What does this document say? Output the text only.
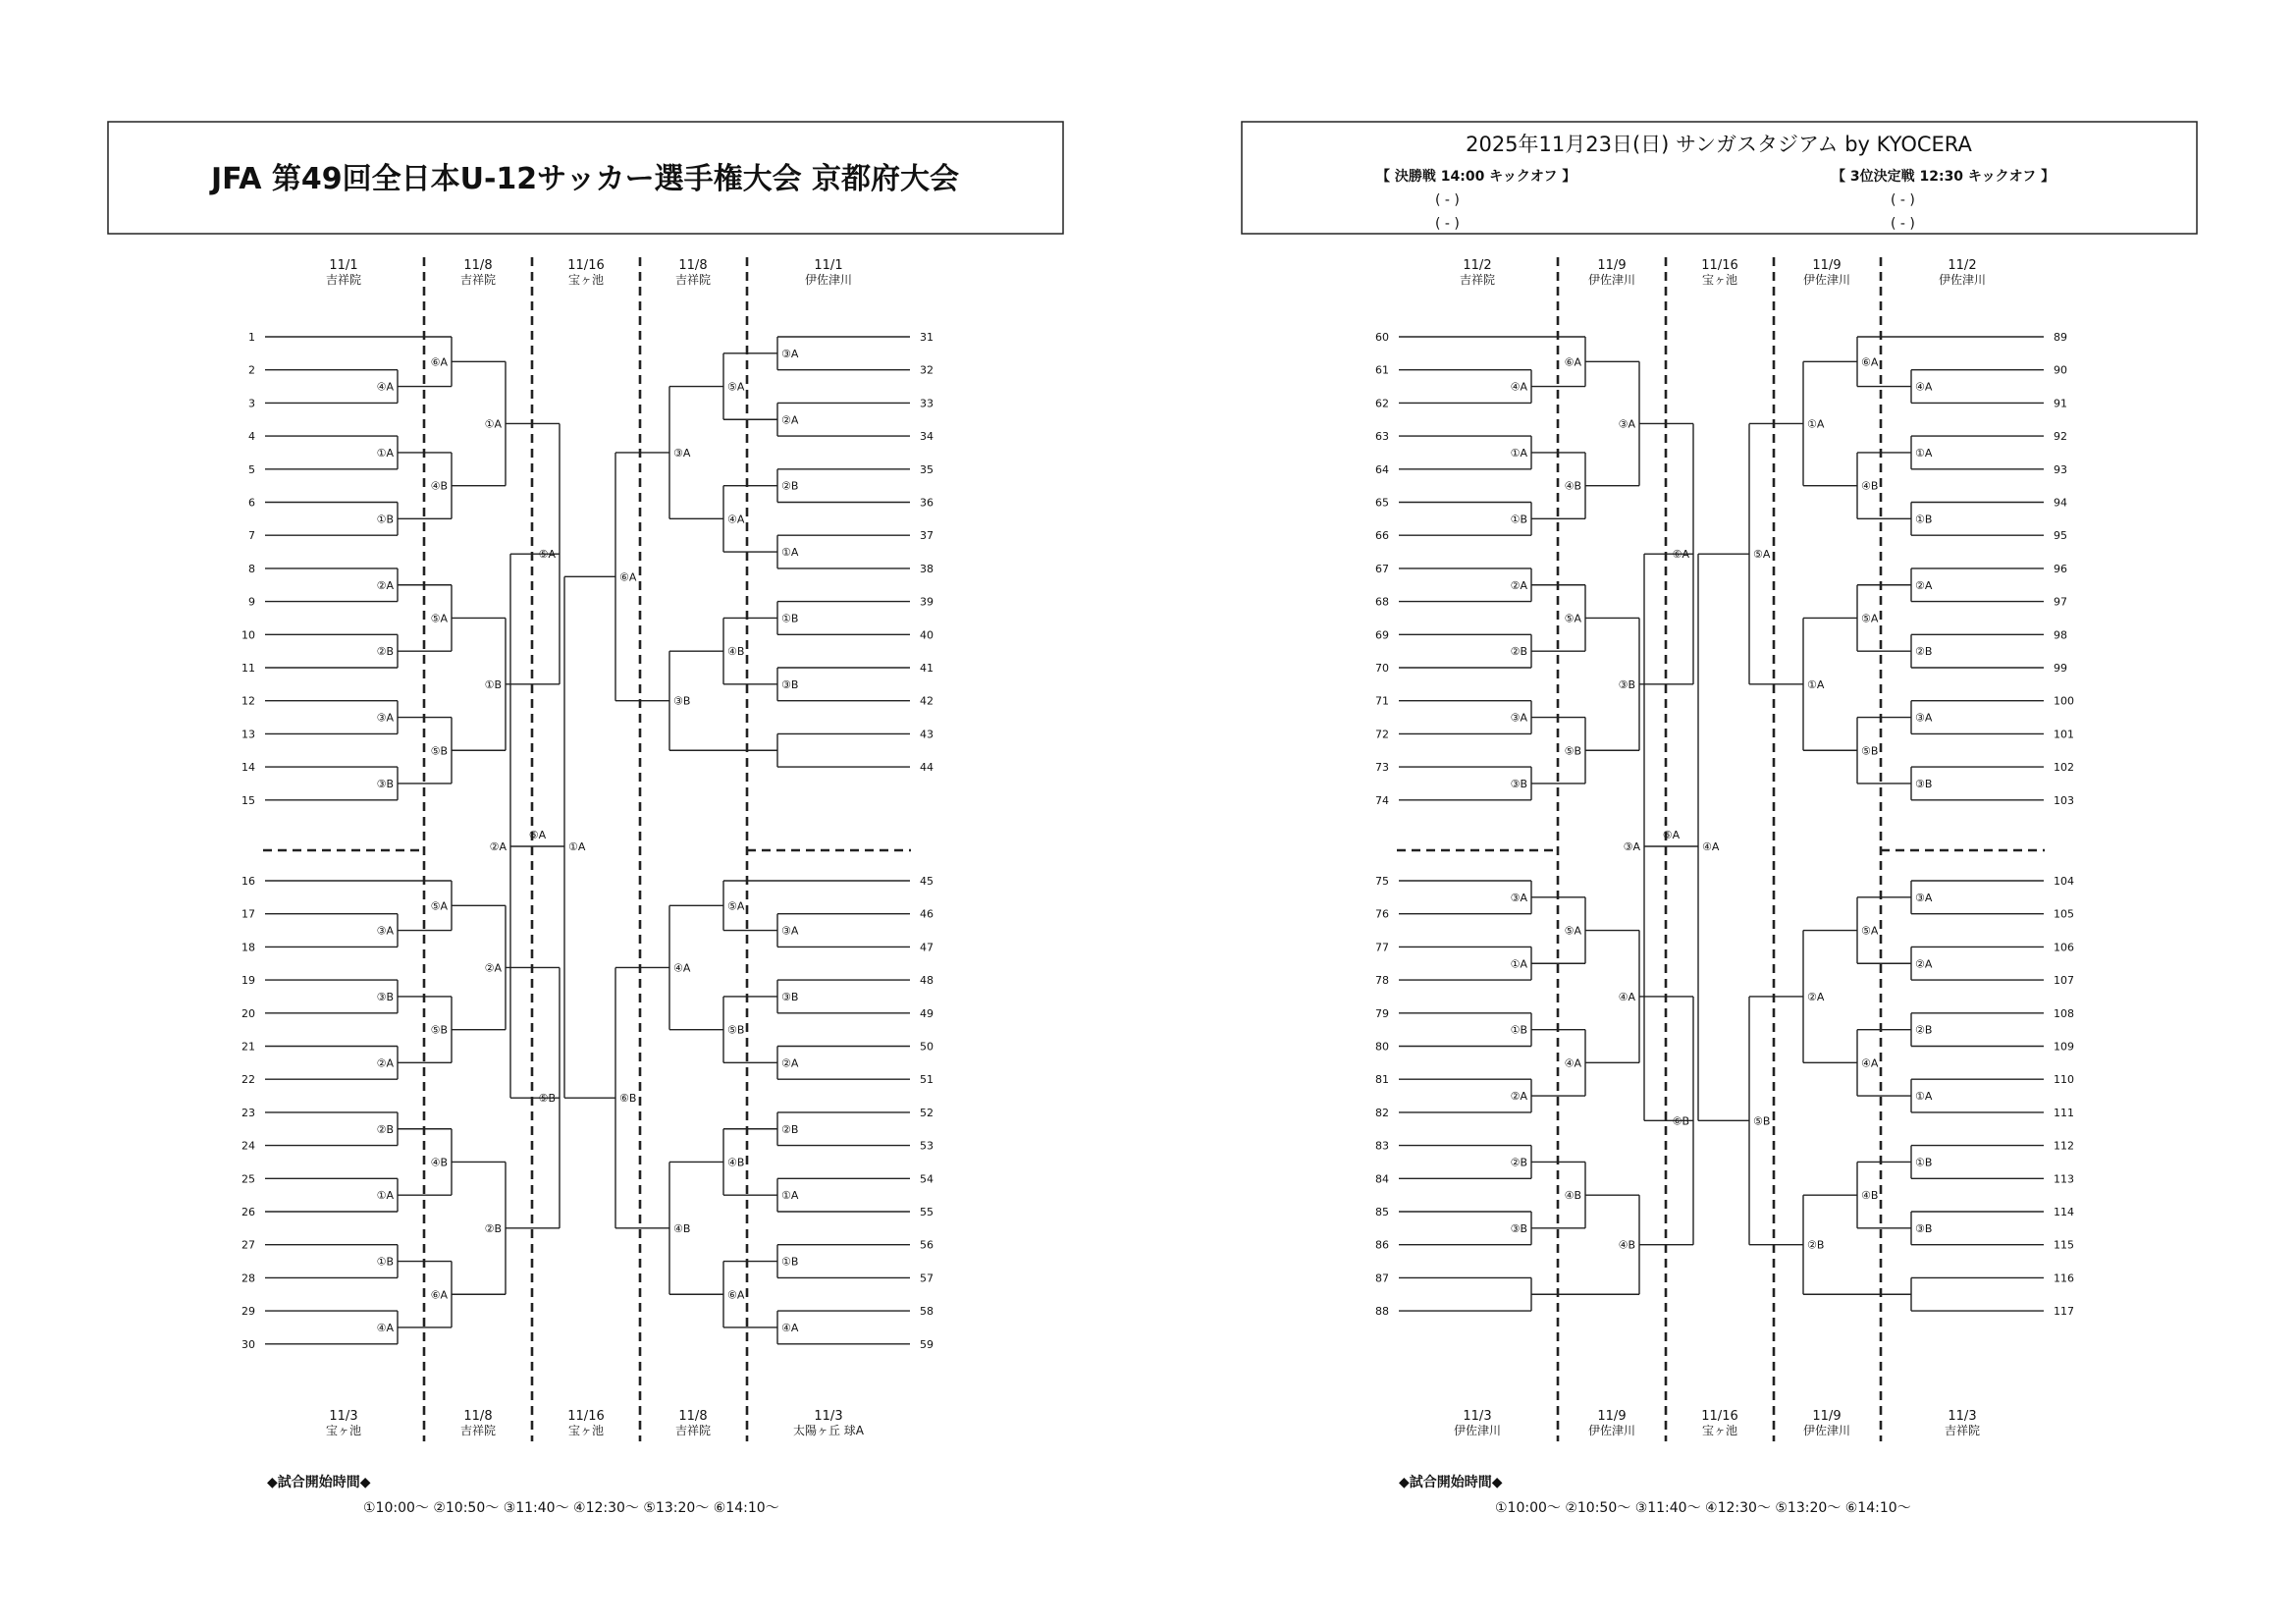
JFA 第49回全日本U-12サッカー選手権大会 京都府大会
2025年11月23日(日) サンガスタジアム by KYOCERA
【 決勝戦 14:00 キックオフ 】
( - )
( - )
【 3位決定戦 12:30 キックオフ 】
( - )
( - )
11/1
吉祥院
11/8
吉祥院
11/16
宝ヶ池
11/8
吉祥院
11/1
伊佐津川
11/3
宝ヶ池
11/8
吉祥院
11/16
宝ヶ池
11/8
吉祥院
11/3
太陽ヶ丘 球A
1
2
3
4
5
6
7
8
9
10
11
12
13
14
15
④A
①A
①B
②A
②B
③A
③B
⑥A
④B
⑤A
⑤B
①A
①B
⑤A
16
17
18
19
20
21
22
23
24
25
26
27
28
29
30
③A
③B
②A
②B
①A
①B
④A
⑤A
⑤B
④B
⑥A
②A
②B
⑤B
31
32
33
34
35
36
37
38
39
40
41
42
43
44
③A
②A
②B
①A
①B
③B
⑤A
④A
④B
③A
③B
⑥A
45
46
47
48
49
50
51
52
53
54
55
56
57
58
59
③A
③B
②A
②B
①A
①B
④A
⑤A
⑤B
④B
⑥A
④A
④B
⑥B
②A	①A
⑤A
11/2
吉祥院
11/9
伊佐津川
11/16
宝ヶ池
11/9
伊佐津川
11/2
伊佐津川
11/3
伊佐津川
11/9
伊佐津川
11/16
宝ヶ池
11/9
伊佐津川
11/3
吉祥院
60
61
62
63
64
65
66
67
68
69
70
71
72
73
74
④A
①A
①B
②A
②B
③A
③B
⑥A
④B
⑤A
⑤B
③A
③B
⑥A
75
76
77
78
79
80
81
82
83
84
85
86
87
88
③A
①A
①B
②A
②B
③B
⑤A
④A
④B
④A
④B
⑥B
89
90
91
92
93
94
95
96
97
98
99
100
101
102
103
④A
①A
①B
②A
②B
③A
③B
⑥A
④B
⑤A
⑤B
①A
①A
⑤A
104
105
106
107
108
109
110
111
112
113
114
115
116
117
③A
②A
②B
①A
①B
③B
⑤A
④A
④B
②A
②B
⑤B
③A	④A
⑥A
◆試合開始時間◆
①10:00～ ②10:50～ ③11:40～ ④12:30～ ⑤13:20～ ⑥14:10～
◆試合開始時間◆
①10:00～ ②10:50～ ③11:40～ ④12:30～ ⑤13:20～ ⑥14:10～
